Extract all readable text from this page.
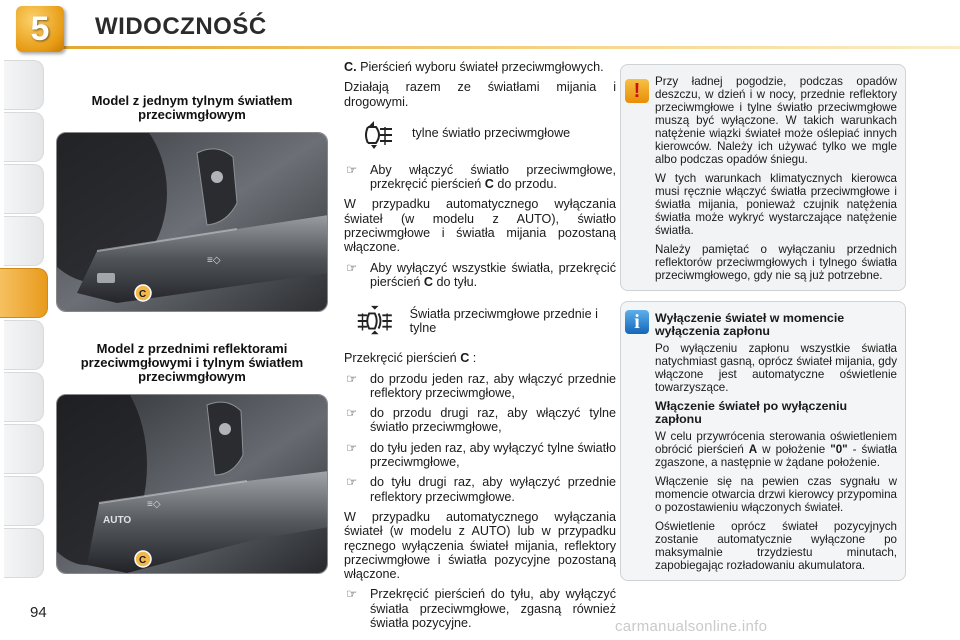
5	WIDOCZNOŚĆ
Model z jednym tylnym światłem przeciwmgłowym
≡◇
C
Model z przednimi reflektorami przeciwmgłowymi i tylnym światłem przeciwmgłowym
AUTO
≡◇
C

C. Pierścień wyboru świateł przeciwmgłowych.

Działają razem ze światłami mijania i drogowymi.

tylne światło przeciwmgłowe

☞ Aby włączyć światło przeciwmgłowe, przekręcić pierścień C do przodu.

W przypadku automatycznego wyłączania świateł (w modelu z AUTO), światło przeciwmgłowe i światła mijania pozostaną włączone.

☞ Aby wyłączyć wszystkie światła, przekręcić pierścień C do tyłu.

Światła przeciwmgłowe przednie i tylne

Przekręcić pierścień C :

☞ do przodu jeden raz, aby włączyć przednie reflektory przeciwmgłowe,

☞ do przodu drugi raz, aby włączyć tylne światło przeciwmgłowe,

☞ do tyłu jeden raz, aby wyłączyć tylne światło przeciwmgłowe,

☞ do tyłu drugi raz, aby wyłączyć przednie reflektory przeciwmgłowe.

W przypadku automatycznego wyłączania świateł (w modelu z AUTO) lub w przypadku ręcznego wyłączenia świateł mijania, reflektory przeciwmgłowe i światła pozycyjne pozostaną włączone.

☞ Przekręcić pierścień do tyłu, aby wyłączyć światła przeciwmgłowe, zgasną również światła pozycyjne.

!	Przy ładnej pogodzie, podczas opadów deszczu, w dzień i w nocy, przednie reflektory przeciwmgłowe i tylne światło przeciwmgłowe muszą być wyłączone. W takich warunkach natężenie wiązki świateł może oślepiać innych kierowców. Należy ich używać tylko we mgle albo podczas opadów śniegu.

W tych warunkach klimatycznych kierowca musi ręcznie włączyć światła przeciwmgłowe i światła mijania, ponieważ czujnik natężenia światła może wykryć wystarczające natężenie światła.

Należy pamiętać o wyłączaniu przednich reflektorów przeciwmgłowych i tylnego światła przeciwmgłowego, gdy nie są już potrzebne.

i	Wyłączenie świateł w momencie wyłączenia zapłonu

Po wyłączeniu zapłonu wszystkie światła natychmiast gasną, oprócz świateł mijania, gdy włączone jest automatyczne oświetlenie towarzyszące.

Włączenie świateł po wyłączeniu zapłonu

W celu przywrócenia sterowania oświetleniem obrócić pierścień A w położenie "0" - światła zgaszone, a następnie w żądane położenie.

Włączenie się na pewien czas sygnału w momencie otwarcia drzwi kierowcy przypomina o pozostawieniu włączonych świateł.

Oświetlenie oprócz świateł pozycyjnych zostanie automatycznie wyłączone po maksymalnie trzydziestu minutach, zapobiegając rozładowaniu akumulatora.

94
carmanualsonline.info
